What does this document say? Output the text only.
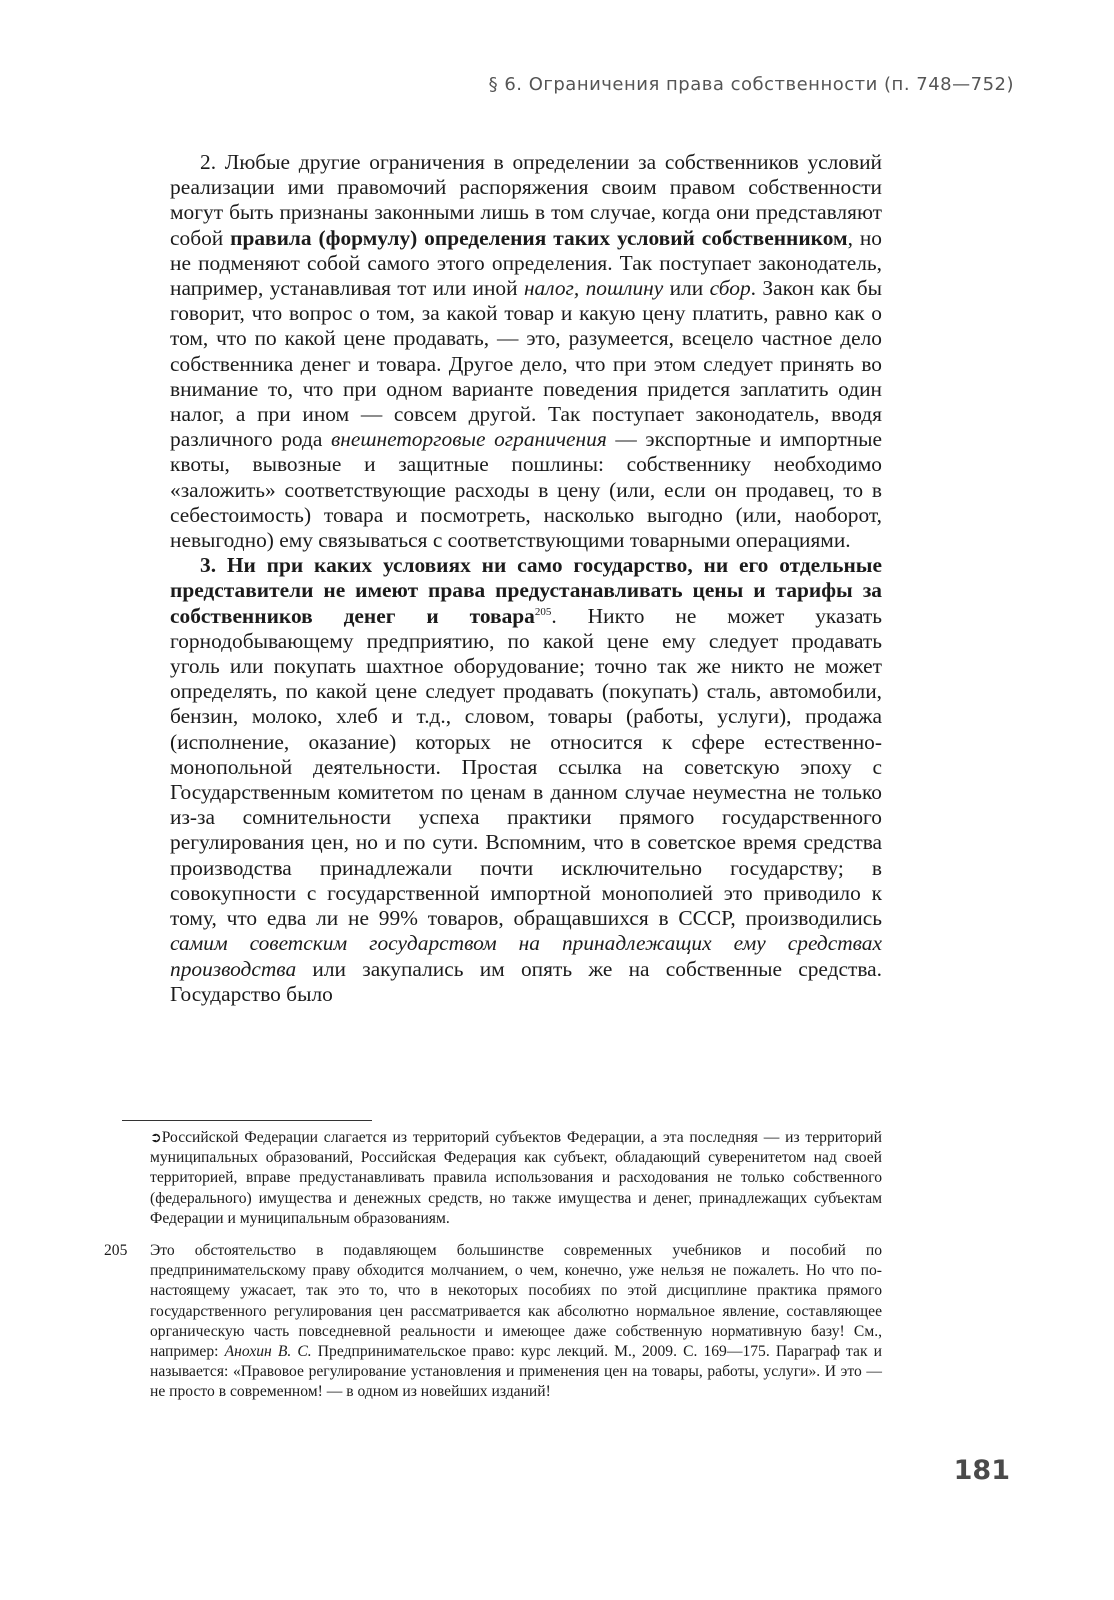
§ 6. Ограничения права собственности (п. 748—752)

2. Любые другие ограничения в определении за собственников условий реализации ими правомочий распоряжения своим правом собственности могут быть признаны законными лишь в том случае, когда они представляют собой правила (формулу) определения таких условий собственником, но не подменяют собой самого этого определения. Так поступает законодатель, например, устанавливая тот или иной налог, пошлину или сбор. Закон как бы говорит, что вопрос о том, за какой товар и какую цену платить, равно как о том, что по какой цене продавать, — это, разумеется, всецело частное дело собственника денег и товара. Другое дело, что при этом следует принять во внимание то, что при одном варианте поведения придется заплатить один налог, а при ином — совсем другой. Так поступает законодатель, вводя различного рода внешнеторговые ограничения — экспортные и импортные квоты, вывозные и защитные пошлины: собственнику необходимо «заложить» соответствующие расходы в цену (или, если он продавец, то в себестоимость) товара и посмотреть, насколько выгодно (или, наоборот, невыгодно) ему связываться с соответствующими товарными операциями.

3. Ни при каких условиях ни само государство, ни его отдельные представители не имеют права предустанавливать цены и тарифы за собственников денег и товара$^{205}$. Никто не может указать горнодобывающему предприятию, по какой цене ему следует продавать уголь или покупать шахтное оборудование; точно так же никто не может определять, по какой цене следует продавать (покупать) сталь, автомобили, бензин, молоко, хлеб и т.д., словом, товары (работы, услуги), продажа (исполнение, оказание) которых не относится к сфере естественно-монопольной деятельности. Простая ссылка на советскую эпоху с Государственным комитетом по ценам в данном случае неуместна не только из-за сомнительности успеха практики прямого государственного регулирования цен, но и по сути. Вспомним, что в советское время средства производства принадлежали почти исключительно государству; в совокупности с государственной импортной монополией это приводило к тому, что едва ли не 99% товаров, обращавшихся в СССР, производились самим советским государством на принадлежащих ему средствах производства или закупались им опять же на собственные средства. Государство было

➲Российской Федерации слагается из территорий субъектов Федерации, а эта последняя — из территорий муниципальных образований, Российская Федерация как субъект, обладающий суверенитетом над своей территорией, вправе предустанавливать правила использования и расходования не только собственного (федерального) имущества и денежных средств, но также имущества и денег, принадлежащих субъектам Федерации и муниципальным образованиям.
205 Это обстоятельство в подавляющем большинстве современных учебников и пособий по предпринимательскому праву обходится молчанием, о чем, конечно, уже нельзя не пожалеть. Но что по-настоящему ужасает, так это то, что в некоторых пособиях по этой дисциплине практика прямого государственного регулирования цен рассматривается как абсолютно нормальное явление, составляющее органическую часть повседневной реальности и имеющее даже собственную нормативную базу! См., например: Анохин В. С. Предпринимательское право: курс лекций. М., 2009. С. 169—175. Параграф так и называется: «Правовое регулирование установления и применения цен на товары, работы, услуги». И это — не просто в современном! — в одном из новейших изданий!
181
